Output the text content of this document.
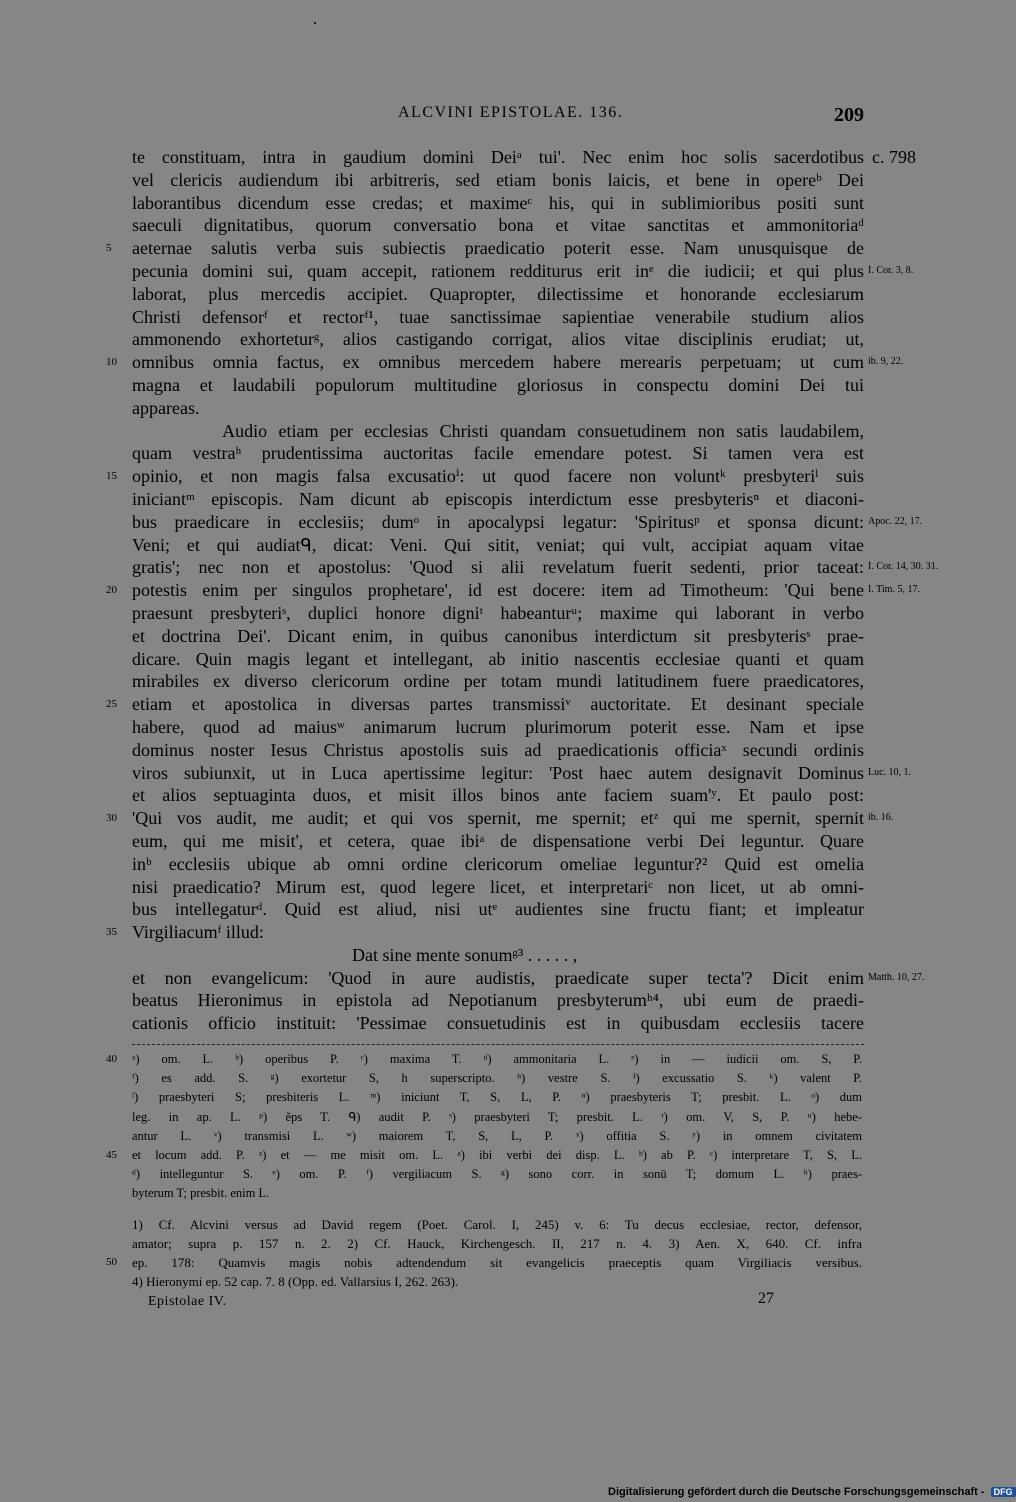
ALCVINI EPISTOLAE. 136.	209
te constituam, intra in gaudium domini Deiᵃ tui'. Nec enim hoc solis sacerdotibus c. 798
vel clericis audiendum ibi arbitreris, sed etiam bonis laicis, et bene in opereᵇ Dei
laborantibus dicendum esse credas; et maximeᶜ his, qui in sublimioribus positi sunt
saeculi dignitatibus, quorum conversatio bona et vitae sanctitas et ammonitoriaᵈ
aeternae salutis verba suis subiectis praedicatio poterit esse. Nam unusquisque de
5
pecunia domini sui, quam accepit, rationem redditurus erit inᵉ die iudicii; et qui plus I. Cor. 3, 8.
laborat, plus mercedis accipiet. Quapropter, dilectissime et honorande ecclesiarum
Christi defensorᶠ et rectorᶠ¹, tuae sanctissimae sapientiae venerabile studium alios
ammonendo exhorteturᵍ, alios castigando corrigat, alios vitae disciplinis erudiat; ut,
omnibus omnia factus, ex omnibus mercedem habere merearis perpetuam; ut cum
10	ib. 9, 22.
magna et laudabili populorum multitudine gloriosus in conspectu domini Dei tui
appareas.
Audio etiam per ecclesias Christi quandam consuetudinem non satis laudabilem,
quam vestraʰ prudentissima auctoritas facile emendare potest. Si tamen vera est
opinio, et non magis falsa excusatioⁱ: ut quod facere non voluntᵏ presbyteriˡ suis
15
iniciantᵐ episcopis. Nam dicunt ab episcopis interdictum esse presbyterisⁿ et diaconi-
bus praedicare in ecclesiis; dumᵒ in apocalypsi legatur: 'Spiritusᵖ et sponsa dicunt: Apoc. 22, 17.
Veni; et qui audiatᑫ, dicat: Veni. Qui sitit, veniat; qui vult, accipiat aquam vitae
gratis'; nec non et apostolus: 'Quod si alii revelatum fuerit sedenti, prior taceat: I. Cor. 14, 30. 31.
potestis enim per singulos prophetare', id est docere: item ad Timotheum: 'Qui bene
20	I. Tim. 5, 17.
praesunt presbyteriˢ, duplici honore digniᵗ habeanturᵘ; maxime qui laborant in verbo
et doctrina Dei'. Dicant enim, in quibus canonibus interdictum sit presbyterisˢ prae-
dicare. Quin magis legant et intellegant, ab initio nascentis ecclesiae quanti et quam
mirabiles ex diverso clericorum ordine per totam mundi latitudinem fuere praedicatores,
etiam et apostolica in diversas partes transmissiᵛ auctoritate. Et desinant speciale
25
habere, quod ad maiusʷ animarum lucrum plurimorum poterit esse. Nam et ipse
dominus noster Iesus Christus apostolis suis ad praedicationis officiaˣ secundi ordinis
viros subiunxit, ut in Luca apertissime legitur: 'Post haec autem designavit Dominus Luc. 10, 1.
et alios septuaginta duos, et misit illos binos ante faciem suam'ʸ. Et paulo post:
'Qui vos audit, me audit; et qui vos spernit, me spernit; etᶻ qui me spernit, spernit
30	ib. 16.
eum, qui me misit', et cetera, quae ibiᵃ de dispensatione verbi Dei leguntur. Quare
inᵇ ecclesiis ubique ab omni ordine clericorum omeliae leguntur?² Quid est omelia
nisi praedicatio? Mirum est, quod legere licet, et interpretariᶜ non licet, ut ab omni-
bus intellegaturᵈ. Quid est aliud, nisi utᵉ audientes sine fructu fiant; et impleatur
Virgiliacumᶠ illud:
35
Dat sine mente sonumᵍ³ . . . . . ,
et non evangelicum: 'Quod in aure audistis, praedicate super tecta'? Dicit enim Matth. 10, 27.
beatus Hieronimus in epistola ad Nepotianum presbyterumʰ⁴, ubi eum de praedi-
cationis officio instituit: 'Pessimae consuetudinis est in quibusdam ecclesiis tacere
ᵃ) om. L. ᵇ) operibus P. ᶜ) maxima T. ᵈ) ammonitaria L. ᵉ) in — iudicii om. S, P.
40
ᶠ) es add. S. ᵍ) exortetur S, h superscripto. ʰ) vestre S. ⁱ) excussatio S. ᵏ) valent P.
ˡ) praesbyteri S; presbiteris L. ᵐ) iniciunt T, S, L, P. ⁿ) praesbyteris T; presbit. L. ᵒ) dum
leg. in ap. L. ᵖ) ẽps T. ᑫ) audit P. ˢ) praesbyteri T; presbit. L. ᵗ) om. V, S, P. ᵘ) hebe-
antur L. ᵛ) transmisi L. ʷ) maiorem T, S, L, P. ˣ) offitia S. ʸ) in omnem civitatem
et locum add. P. ᶻ) et — me misit om. L. ᵃ) ibi verbi dei disp. L. ᵇ) ab P. ᶜ) interpretare T, S, L.
45
ᵈ) intelleguntur S. ᵉ) om. P. ᶠ) vergiliacum S. ᵍ) sono corr. in sonū T; domum L. ʰ) praes-
byterum T; presbit. enim L.
1) Cf. Alcvini versus ad David regem (Poet. Carol. I, 245) v. 6: Tu decus ecclesiae, rector, defensor,
amator; supra p. 157 n. 2. 2) Cf. Hauck, Kirchengesch. II, 217 n. 4. 3) Aen. X, 640. Cf. infra
ep. 178: Quamvis magis nobis adtendendum sit evangelicis praeceptis quam Virgiliacis versibus.
50
4) Hieronymi ep. 52 cap. 7. 8 (Opp. ed. Vallarsius I, 262. 263).
Epistolae IV.	27
Digitalisierung gefördert durch die Deutsche Forschungsgemeinschaft - DFG
